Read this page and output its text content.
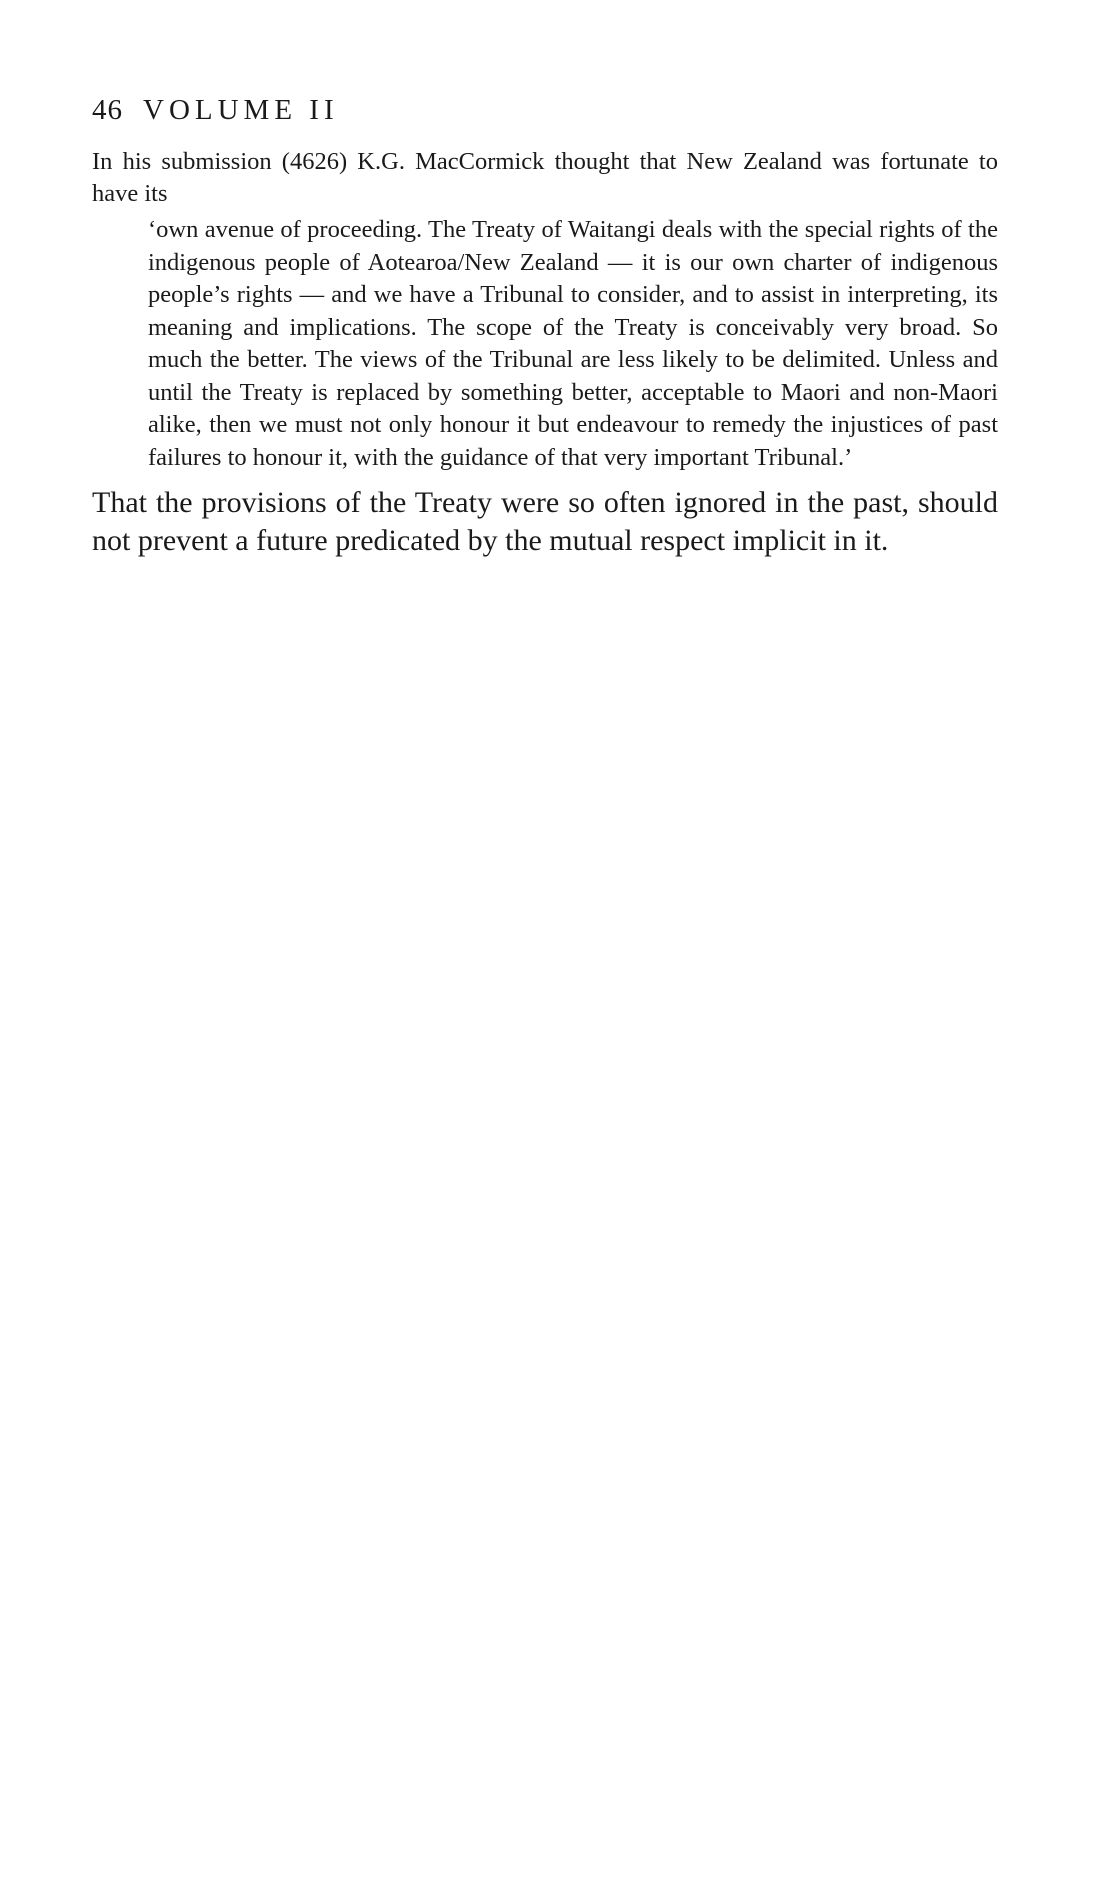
46 VOLUME II

In his submission (4626) K.G. MacCormick thought that New Zealand was fortunate to have its

‘own avenue of proceeding. The Treaty of Waitangi deals with the special rights of the indigenous people of Aotearoa/New Zealand — it is our own charter of indigenous people’s rights — and we have a Tribunal to consider, and to assist in interpreting, its meaning and implications. The scope of the Treaty is conceivably very broad. So much the better. The views of the Tribunal are less likely to be delimited. Unless and until the Treaty is replaced by something better, acceptable to Maori and non-Maori alike, then we must not only honour it but endeavour to remedy the injustices of past failures to honour it, with the guidance of that very important Tribunal.’

That the provisions of the Treaty were so often ignored in the past, should not prevent a future predicated by the mutual respect implicit in it.
